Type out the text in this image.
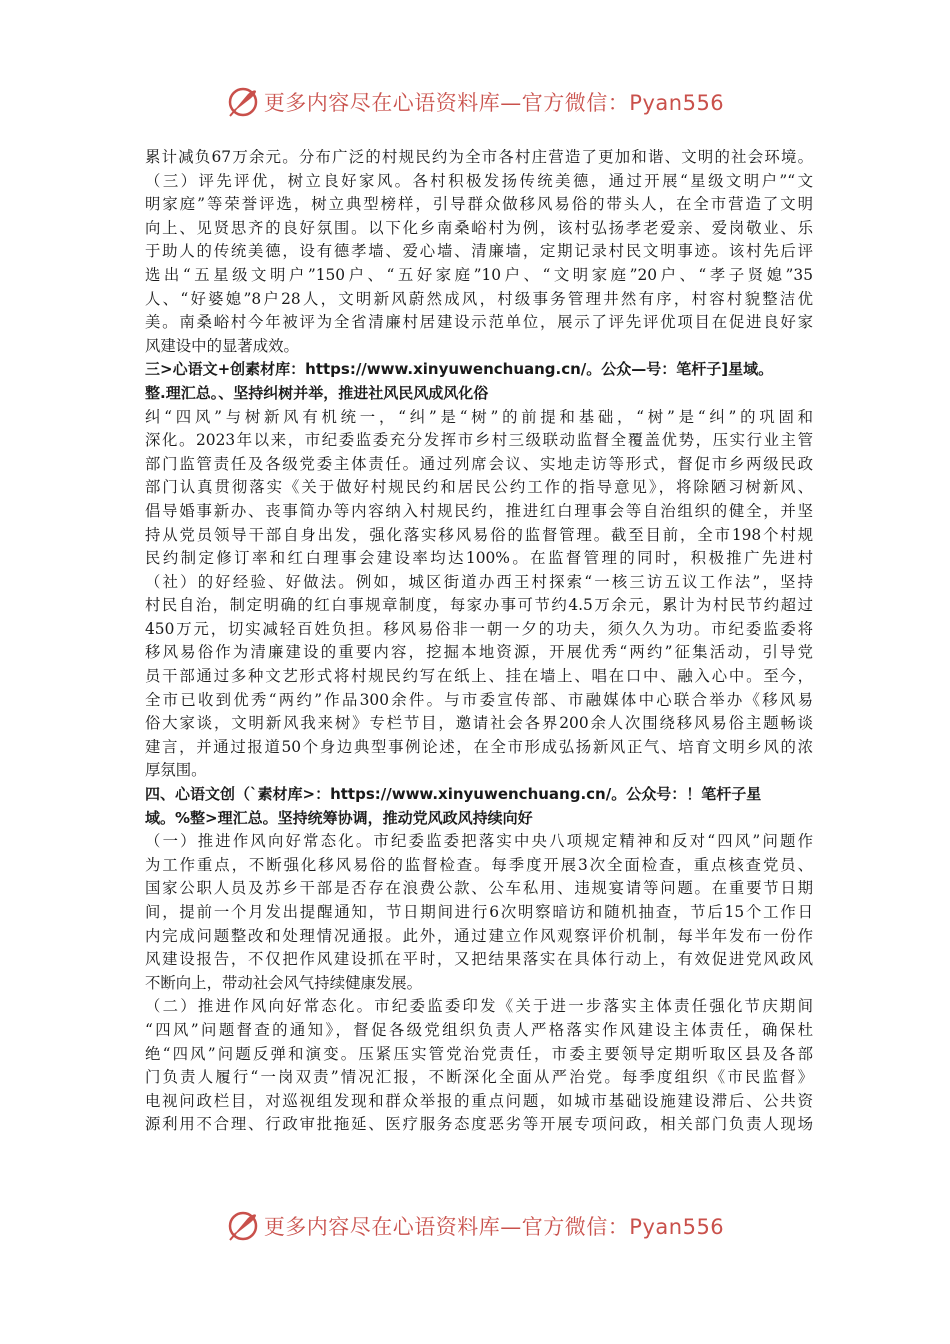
更多内容尽在心语资料库—官方微信：Pyan556
累计减负67万余元。分布广泛的村规民约为全市各村庄营造了更加和谐、文明的社会环境。
（三）评先评优，树立良好家风。各村积极发扬传统美德，通过开展“星级文明户”“文
明家庭”等荣誉评选，树立典型榜样，引导群众做移风易俗的带头人，在全市营造了文明
向上、见贤思齐的良好氛围。以下化乡南桑峪村为例，该村弘扬孝老爱亲、爱岗敬业、乐
于助人的传统美德，设有德孝墙、爱心墙、清廉墙，定期记录村民文明事迹。该村先后评
选出“五星级文明户”150户、“五好家庭”10户、“文明家庭”20户、“孝子贤媳”35
人、“好婆媳”8户28人，文明新风蔚然成风，村级事务管理井然有序，村容村貌整洁优
美。南桑峪村今年被评为全省清廉村居建设示范单位，展示了评先评优项目在促进良好家
风建设中的显著成效。
三>心语文+创素材库：https://www.xinyuwenchuang.cn/。公众—号：笔杆子]星域。
整.理汇总。、坚持纠树并举，推进社风民风成风化俗
纠“四风”与树新风有机统一，“纠”是“树”的前提和基础，“树”是“纠”的巩固和
深化。2023年以来，市纪委监委充分发挥市乡村三级联动监督全覆盖优势，压实行业主管
部门监管责任及各级党委主体责任。通过列席会议、实地走访等形式，督促市乡两级民政
部门认真贯彻落实《关于做好村规民约和居民公约工作的指导意见》，将除陋习树新风、
倡导婚事新办、丧事简办等内容纳入村规民约，推进红白理事会等自治组织的健全，并坚
持从党员领导干部自身出发，强化落实移风易俗的监督管理。截至目前，全市198个村规
民约制定修订率和红白理事会建设率均达100%。在监督管理的同时，积极推广先进村
（社）的好经验、好做法。例如，城区街道办西王村探索“一核三访五议工作法”，坚持
村民自治，制定明确的红白事规章制度，每家办事可节约4.5万余元，累计为村民节约超过
450万元，切实减轻百姓负担。移风易俗非一朝一夕的功夫，须久久为功。市纪委监委将
移风易俗作为清廉建设的重要内容，挖掘本地资源，开展优秀“两约”征集活动，引导党
员干部通过多种文艺形式将村规民约写在纸上、挂在墙上、唱在口中、融入心中。至今，
全市已收到优秀“两约”作品300余件。与市委宣传部、市融媒体中心联合举办《移风易
俗大家谈，文明新风我来树》专栏节目，邀请社会各界200余人次围绕移风易俗主题畅谈
建言，并通过报道50个身边典型事例论述，在全市形成弘扬新风正气、培育文明乡风的浓
厚氛围。
四、心语文创（`素材库>：https://www.xinyuwenchuang.cn/。公众号：！笔杆子星
域。%整>理汇总。坚持统筹协调，推动党风政风持续向好
（一）推进作风向好常态化。市纪委监委把落实中央八项规定精神和反对“四风”问题作
为工作重点，不断强化移风易俗的监督检查。每季度开展3次全面检查，重点核查党员、
国家公职人员及苏乡干部是否存在浪费公款、公车私用、违规宴请等问题。在重要节日期
间，提前一个月发出提醒通知，节日期间进行6次明察暗访和随机抽查，节后15个工作日
内完成问题整改和处理情况通报。此外，通过建立作风观察评价机制，每半年发布一份作
风建设报告，不仅把作风建设抓在平时，又把结果落实在具体行动上，有效促进党风政风
不断向上，带动社会风气持续健康发展。
（二）推进作风向好常态化。市纪委监委印发《关于进一步落实主体责任强化节庆期间
“四风”问题督查的通知》，督促各级党组织负责人严格落实作风建设主体责任，确保杜
绝“四风”问题反弹和演变。压紧压实管党治党责任，市委主要领导定期听取区县及各部
门负责人履行“一岗双责”情况汇报，不断深化全面从严治党。每季度组织《市民监督》
电视问政栏目，对巡视组发现和群众举报的重点问题，如城市基础设施建设滞后、公共资
源利用不合理、行政审批拖延、医疗服务态度恶劣等开展专项问政，相关部门负责人现场
更多内容尽在心语资料库—官方微信：Pyan556
